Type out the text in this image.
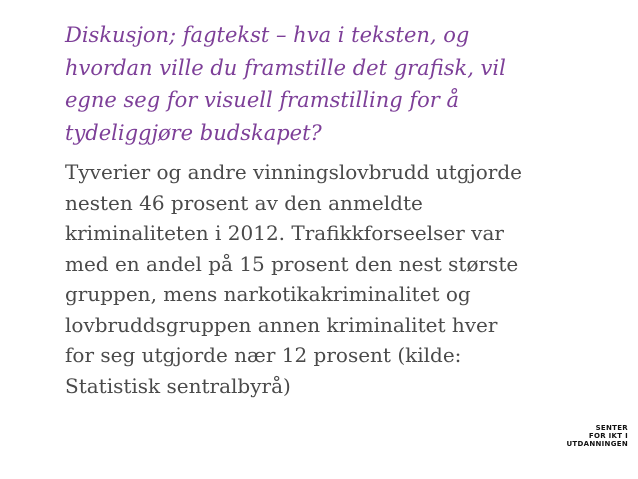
Diskusjon; fagtekst – hva i teksten, og
hvordan ville du framstille det grafisk, vil
egne seg for visuell framstilling for å
tydeliggjøre budskapet?

Tyverier og andre vinningslovbrudd utgjorde
nesten 46 prosent av den anmeldte
kriminaliteten i 2012. Trafikkforseelser var
med en andel på 15 prosent den nest største
gruppen, mens narkotikakriminalitet og
lovbruddsgruppen annen kriminalitet hver
for seg utgjorde nær 12 prosent (kilde:
Statistisk sentralbyrå)

SENTER
FOR IKT I
UTDANNINGEN
